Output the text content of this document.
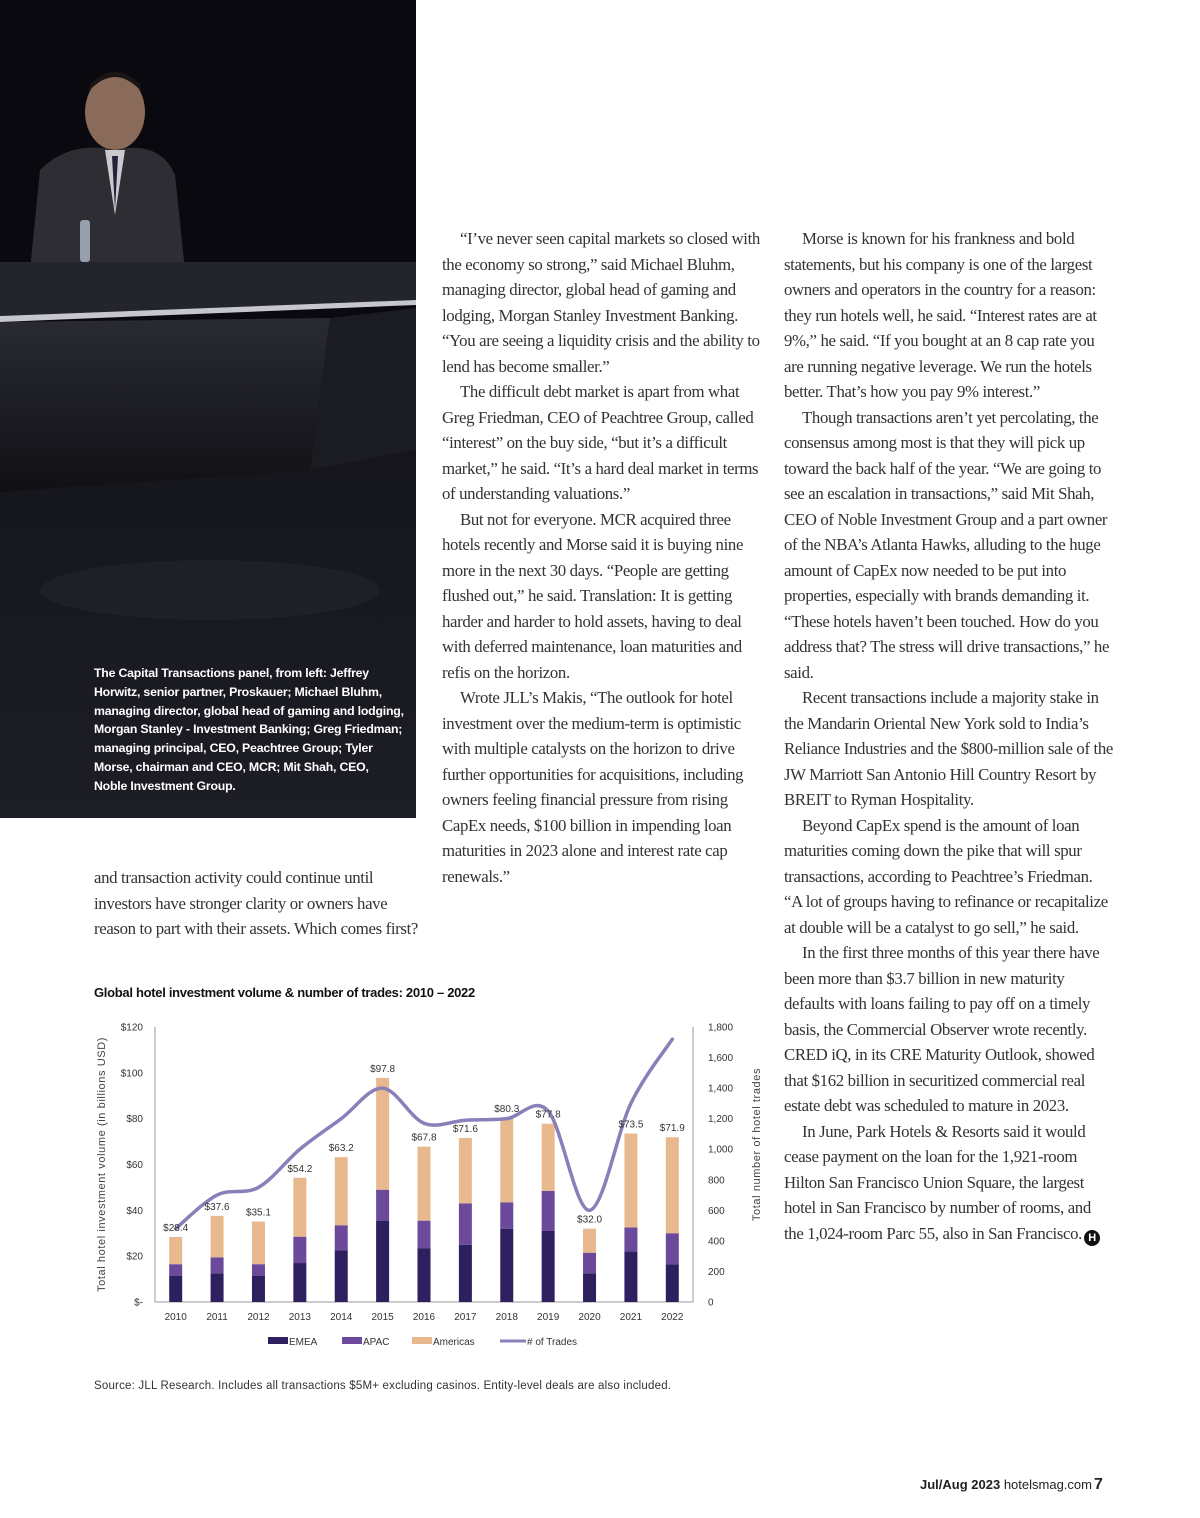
The Capital Transactions panel, from left: Jeffrey Horwitz, senior partner, Proskauer; Michael Bluhm, managing director, global head of gaming and lodging, Morgan Stanley - Investment Banking; Greg Friedman; managing principal, CEO, Peachtree Group; Tyler Morse, chairman and CEO, MCR; Mit Shah, CEO, Noble Investment Group.

“I’ve never seen capital markets so closed with the economy so strong,” said Michael Bluhm, managing director, global head of gaming and lodging, Morgan Stanley Investment Banking. “You are seeing a liquidity crisis and the ability to lend has become smaller.”

The difficult debt market is apart from what Greg Friedman, CEO of Peachtree Group, called “interest” on the buy side, “but it’s a difficult market,” he said. “It’s a hard deal market in terms of understanding valuations.”

But not for everyone. MCR acquired three hotels recently and Morse said it is buying nine more in the next 30 days. “People are getting flushed out,” he said. Translation: It is getting harder and harder to hold assets, having to deal with deferred maintenance, loan maturities and refis on the horizon.

Wrote JLL’s Makis, “The outlook for hotel investment over the medium-term is optimistic with multiple catalysts on the horizon to drive further opportunities for acquisitions, including owners feeling financial pressure from rising CapEx needs, $100 billion in impending loan maturities in 2023 alone and interest rate cap renewals.”

Morse is known for his frankness and bold statements, but his company is one of the largest owners and operators in the country for a reason: they run hotels well, he said. “Interest rates are at 9%,” he said. “If you bought at an 8 cap rate you are running negative leverage. We run the hotels better. That’s how you pay 9% interest.”

Though transactions aren’t yet percolating, the consensus among most is that they will pick up toward the back half of the year. “We are going to see an escalation in transactions,” said Mit Shah, CEO of Noble Investment Group and a part owner of the NBA’s Atlanta Hawks, alluding to the huge amount of CapEx now needed to be put into properties, especially with brands demanding it. “These hotels haven’t been touched. How do you address that? The stress will drive transactions,” he said.

Recent transactions include a majority stake in the Mandarin Oriental New York sold to India’s Reliance Industries and the $800-million sale of the JW Marriott San Antonio Hill Country Resort by BREIT to Ryman Hospitality.

Beyond CapEx spend is the amount of loan maturities coming down the pike that will spur transactions, according to Peachtree’s Friedman. “A lot of groups having to refinance or recapitalize at double will be a catalyst to go sell,” he said.

In the first three months of this year there have been more than $3.7 billion in new maturity defaults with loans failing to pay off on a timely basis, the Commercial Observer wrote recently. CRED iQ, in its CRE Maturity Outlook, showed that $162 billion in securitized commercial real estate debt was scheduled to mature in 2023.

In June, Park Hotels & Resorts said it would cease payment on the loan for the 1,921-room Hilton San Francisco Union Square, the largest hotel in San Francisco by number of rooms, and the 1,024-room Parc 55, also in San Francisco. H

and transaction activity could continue until investors have stronger clarity or owners have reason to part with their assets. Which comes first?

Global hotel investment volume & number of trades: 2010 – 2022
$-
$20
$40
$60
$80
$100
$120
0
200
400
600
800
1,000
1,200
1,400
1,600
1,800
Total hotel investment volume (in billions USD)	Total number of hotel trades
2010 2011 2012 2013 2014 2015 2016 2017 2018 2019 2020 2021 2022
$28.4
$37.6
$35.1
$54.2
$63.2
$97.8
$67.8
$71.6
$80.3
$77.8
$32.0
$73.5 $71.9
EMEA	APAC	Americas	# of Trades
Source: JLL Research. Includes all transactions $5M+ excluding casinos. Entity-level deals are also included.
Jul/Aug 2023 hotelsmag.com 7
